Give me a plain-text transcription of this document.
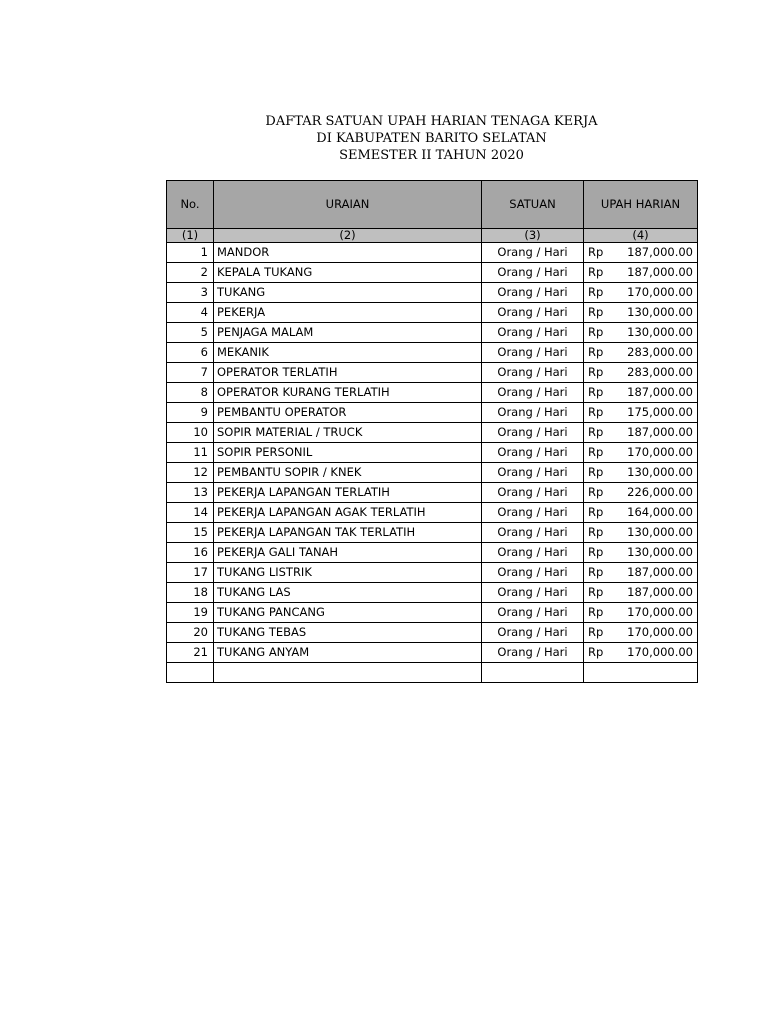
DAFTAR SATUAN UPAH HARIAN TENAGA KERJA
DI KABUPATEN BARITO SELATAN
SEMESTER II TAHUN 2020
No.	URAIAN	SATUAN	UPAH HARIAN
(1)	(2)	(3)	(4)
1	MANDOR	Orang / Hari	Rp 187,000.00

2	KEPALA TUKANG	Orang / Hari	Rp 187,000.00

3	TUKANG	Orang / Hari	Rp 170,000.00

4	PEKERJA	Orang / Hari	Rp 130,000.00

5	PENJAGA MALAM	Orang / Hari	Rp 130,000.00

6	MEKANIK	Orang / Hari	Rp 283,000.00

7	OPERATOR TERLATIH	Orang / Hari	Rp 283,000.00

8	OPERATOR KURANG TERLATIH	Orang / Hari	Rp 187,000.00

9	PEMBANTU OPERATOR	Orang / Hari	Rp 175,000.00

10	SOPIR MATERIAL / TRUCK	Orang / Hari	Rp 187,000.00

11	SOPIR PERSONIL	Orang / Hari	Rp 170,000.00

12	PEMBANTU SOPIR / KNEK	Orang / Hari	Rp 130,000.00

13	PEKERJA LAPANGAN TERLATIH	Orang / Hari	Rp 226,000.00

14	PEKERJA LAPANGAN AGAK TERLATIH	Orang / Hari	Rp 164,000.00

15	PEKERJA LAPANGAN TAK TERLATIH	Orang / Hari	Rp 130,000.00

16	PEKERJA GALI TANAH	Orang / Hari	Rp 130,000.00

17	TUKANG LISTRIK	Orang / Hari	Rp 187,000.00

18	TUKANG LAS	Orang / Hari	Rp 187,000.00

19	TUKANG PANCANG	Orang / Hari	Rp 170,000.00

20	TUKANG TEBAS	Orang / Hari	Rp 170,000.00

21	TUKANG ANYAM	Orang / Hari	Rp 170,000.00
